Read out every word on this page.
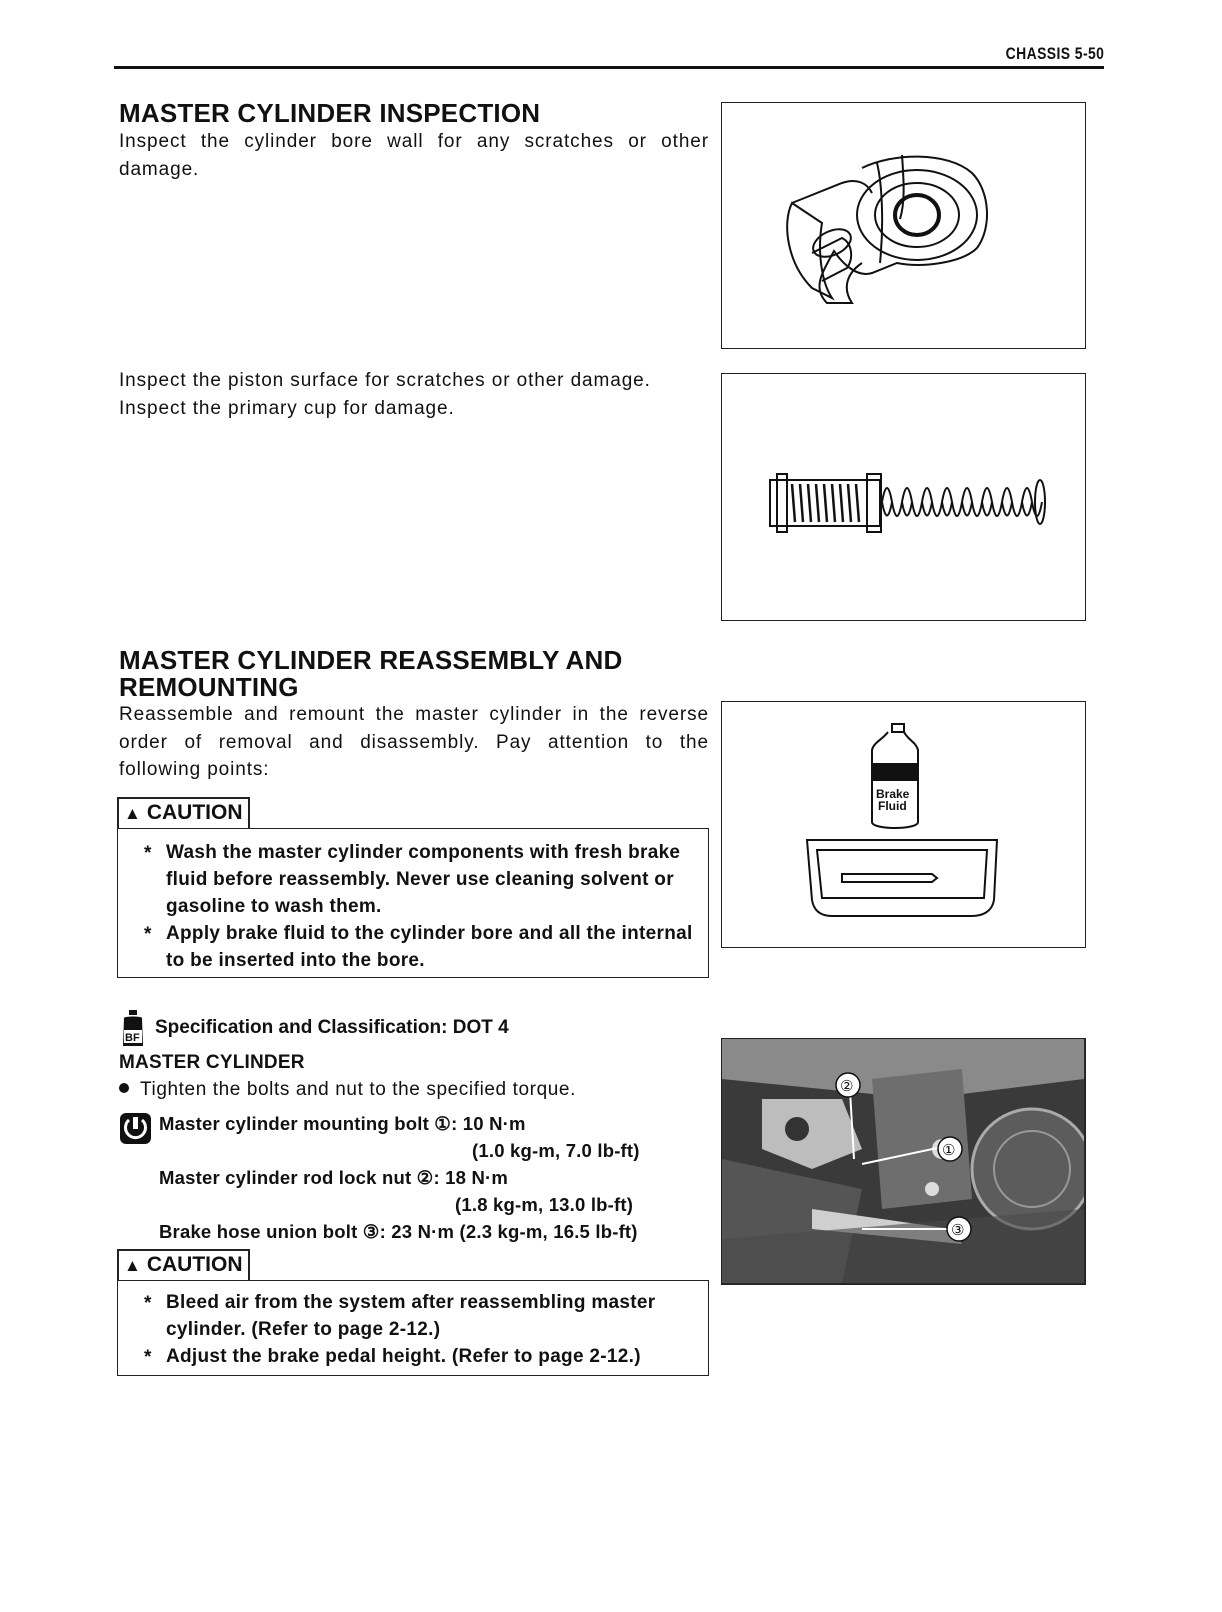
CHASSIS 5-50
MASTER CYLINDER INSPECTION
Inspect the cylinder bore wall for any scratches or other damage.

Inspect the piston surface for scratches or other damage.

Inspect the primary cup for damage.

MASTER CYLINDER REASSEMBLY AND
REMOUNTING
Reassemble and remount the master cylinder in the reverse order of removal and disassembly. Pay attention to the following points:
Brake
Fluid
▲ CAUTION
* Wash the master cylinder components with fresh brake fluid before reassembly. Never use cleaning solvent or gasoline to wash them.
* Apply brake fluid to the cylinder bore and all the internal to be inserted into the bore.
BF Specification and Classification: DOT 4
MASTER CYLINDER
Tighten the bolts and nut to the specified torque.
Master cylinder mounting bolt ①: 10 N·m
(1.0 kg-m, 7.0 lb-ft)
Master cylinder rod lock nut ②: 18 N·m
(1.8 kg-m, 13.0 lb-ft)
Brake hose union bolt ③: 23 N·m (2.3 kg-m, 16.5 lb-ft)
②
①
③
▲ CAUTION
* Bleed air from the system after reassembling master cylinder. (Refer to page 2-12.)
* Adjust the brake pedal height. (Refer to page 2-12.)
